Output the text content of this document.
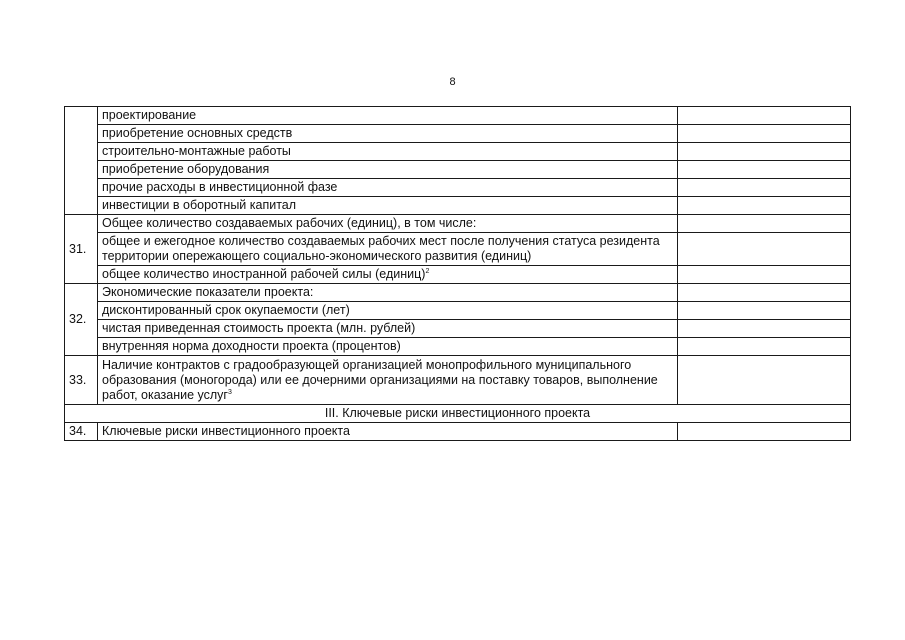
8
	проектирование	
	приобретение основных средств	
	строительно-монтажные работы	
	приобретение оборудования	
	прочие расходы в инвестиционной фазе	
	инвестиции в оборотный капитал	
31.	Общее количество создаваемых рабочих (единиц), в том числе:	
	общее и ежегодное количество создаваемых рабочих мест после получения статуса резидента территории опережающего социально-экономического развития (единиц)	
	общее количество иностранной рабочей силы (единиц)$^2$	
32.	Экономические показатели проекта:	
	дисконтированный срок окупаемости (лет)	
	чистая приведенная стоимость проекта (млн. рублей)	
	внутренняя норма доходности проекта (процентов)	
33.	Наличие контрактов с градообразующей организацией монопрофильного муниципального образования (моногорода) или ее дочерними организациями на поставку товаров, выполнение работ, оказание услуг$^3$	
III. Ключевые риски инвестиционного проекта		
34.	Ключевые риски инвестиционного проекта	
